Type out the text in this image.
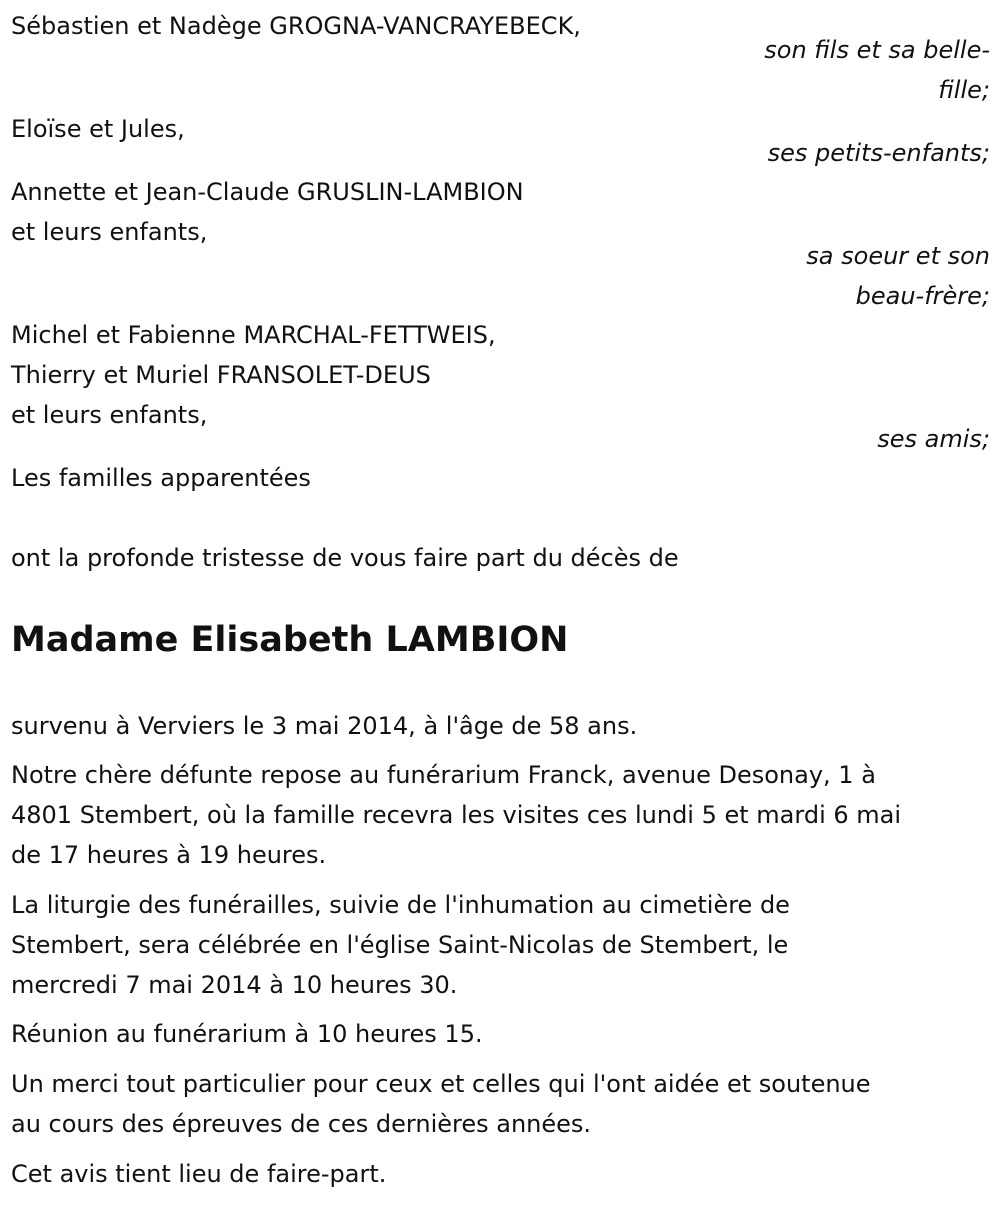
Sébastien et Nadège GROGNA-VANCRAYEBECK,
son fils et sa belle-
fille;
Eloïse et Jules,
ses petits-enfants;
Annette et Jean-Claude GRUSLIN-LAMBION
et leurs enfants,
sa soeur et son
beau-frère;
Michel et Fabienne MARCHAL-FETTWEIS,
Thierry et Muriel FRANSOLET-DEUS
et leurs enfants,
ses amis;
Les familles apparentées
ont la profonde tristesse de vous faire part du décès de
Madame Elisabeth LAMBION
survenu à Verviers le 3 mai 2014, à l'âge de 58 ans.
Notre chère défunte repose au funérarium Franck, avenue Desonay, 1 à
4801 Stembert, où la famille recevra les visites ces lundi 5 et mardi 6 mai
de 17 heures à 19 heures.
La liturgie des funérailles, suivie de l'inhumation au cimetière de
Stembert, sera célébrée en l'église Saint-Nicolas de Stembert, le
mercredi 7 mai 2014 à 10 heures 30.
Réunion au funérarium à 10 heures 15.
Un merci tout particulier pour ceux et celles qui l'ont aidée et soutenue
au cours des épreuves de ces dernières années.
Cet avis tient lieu de faire-part.
